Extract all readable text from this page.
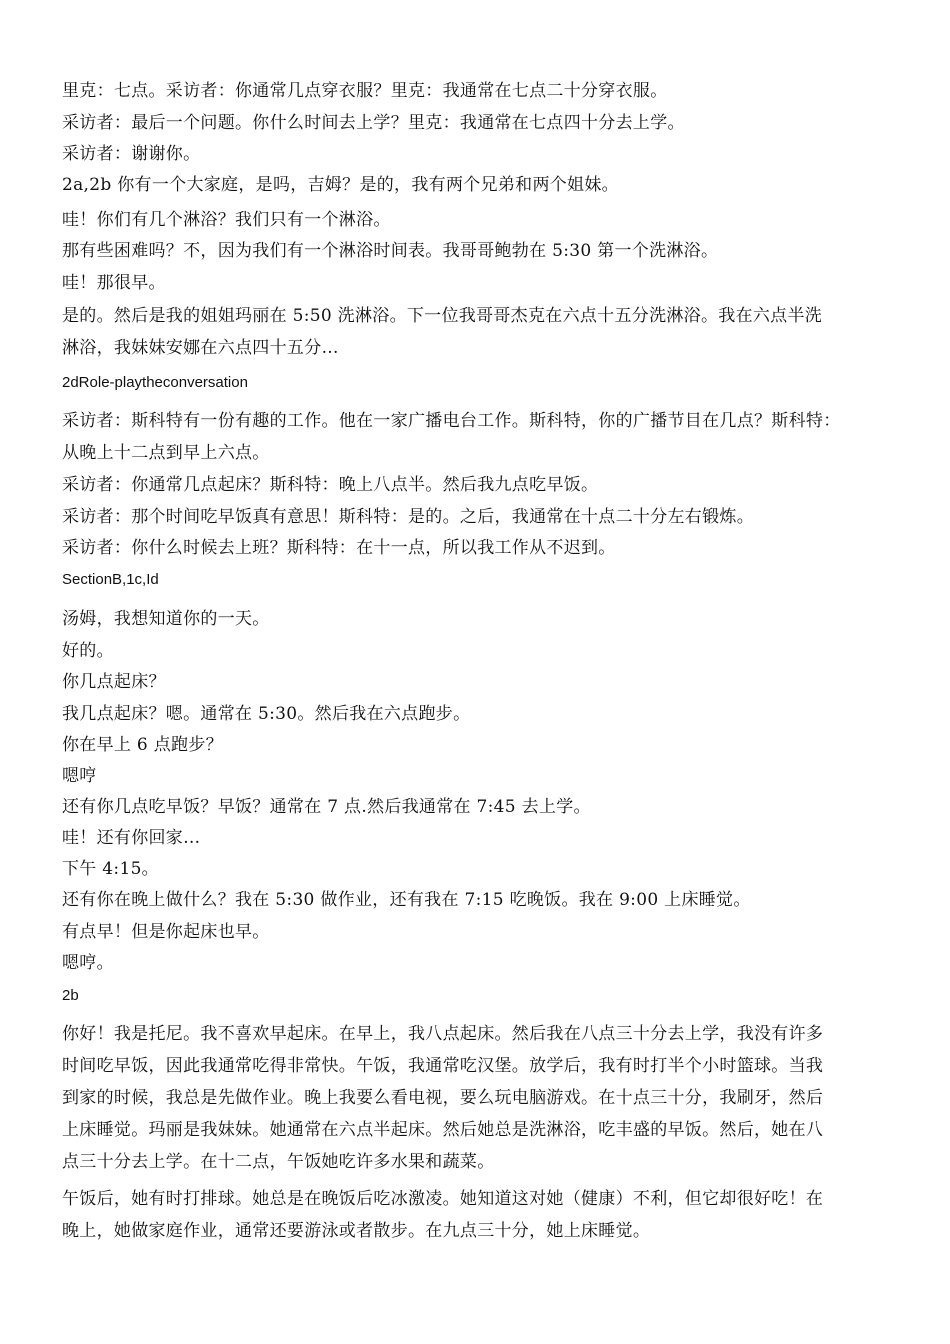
里克：七点。采访者：你通常几点穿衣服？里克：我通常在七点二十分穿衣服。
采访者：最后一个问题。你什么时间去上学？里克：我通常在七点四十分去上学。
采访者：谢谢你。
2a,2b 你有一个大家庭，是吗，吉姆？是的，我有两个兄弟和两个姐妹。
哇！你们有几个淋浴？我们只有一个淋浴。
那有些困难吗？不，因为我们有一个淋浴时间表。我哥哥鲍勃在 5:30 第一个洗淋浴。
哇！那很早。
是的。然后是我的姐姐玛丽在 5:50 洗淋浴。下一位我哥哥杰克在六点十五分洗淋浴。我在六点半洗
淋浴，我妹妹安娜在六点四十五分…
2dRole-playtheconversation
采访者：斯科特有一份有趣的工作。他在一家广播电台工作。斯科特，你的广播节目在几点？斯科特：
从晚上十二点到早上六点。
采访者：你通常几点起床？斯科特：晚上八点半。然后我九点吃早饭。
采访者：那个时间吃早饭真有意思！斯科特：是的。之后，我通常在十点二十分左右锻炼。
采访者：你什么时候去上班？斯科特：在十一点，所以我工作从不迟到。
SectionB,1c,Id
汤姆，我想知道你的一天。
好的。
你几点起床？
我几点起床？嗯。通常在 5:30。然后我在六点跑步。
你在早上 6 点跑步？
嗯哼
还有你几点吃早饭？早饭？通常在 7 点.然后我通常在 7:45 去上学。
哇！还有你回家…
下午 4:15。
还有你在晚上做什么？我在 5:30 做作业，还有我在 7:15 吃晚饭。我在 9:00 上床睡觉。
有点早！但是你起床也早。
嗯哼。
2b
你好！我是托尼。我不喜欢早起床。在早上，我八点起床。然后我在八点三十分去上学，我没有许多
时间吃早饭，因此我通常吃得非常快。午饭，我通常吃汉堡。放学后，我有时打半个小时篮球。当我
到家的时候，我总是先做作业。晚上我要么看电视，要么玩电脑游戏。在十点三十分，我刷牙，然后
上床睡觉。玛丽是我妹妹。她通常在六点半起床。然后她总是洗淋浴，吃丰盛的早饭。然后，她在八
点三十分去上学。在十二点，午饭她吃许多水果和蔬菜。
午饭后，她有时打排球。她总是在晚饭后吃冰激凌。她知道这对她（健康）不利，但它却很好吃！在
晚上，她做家庭作业，通常还要游泳或者散步。在九点三十分，她上床睡觉。
